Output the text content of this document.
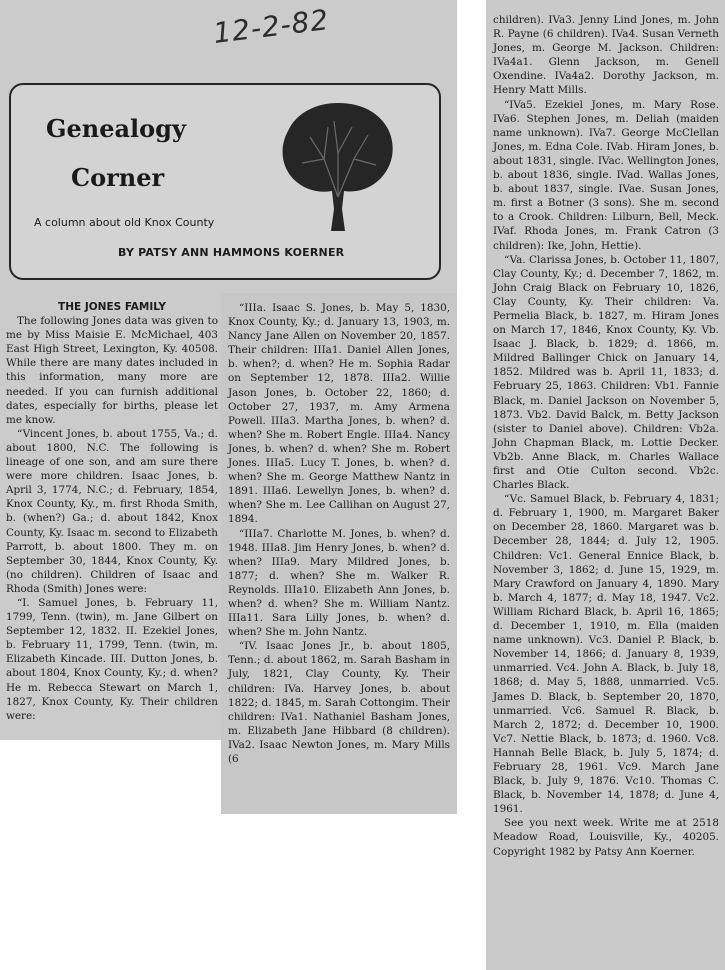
12-2-82
Genealogy
Corner
A column about old Knox County
BY PATSY ANN HAMMONS KOERNER

THE JONES FAMILY

The following Jones data was given to me by Miss Maisie E. McMichael, 403 East High Street, Lexington, Ky. 40508. While there are many dates included in this information, many more are needed. If you can furnish additional dates, especially for births, please let me know.

“Vincent Jones, b. about 1755, Va.; d. about 1800, N.C. The following is lineage of one son, and am sure there were more children. Isaac Jones, b. April 3, 1774, N.C.; d. February, 1854, Knox County, Ky., m. first Rhoda Smith, b. (when?) Ga.; d. about 1842, Knox County, Ky. Isaac m. second to Elizabeth Parrott, b. about 1800. They m. on September 30, 1844, Knox County, Ky. (no children). Children of Isaac and Rhoda (Smith) Jones were:

“I. Samuel Jones, b. February 11, 1799, Tenn. (twin), m. Jane Gilbert on September 12, 1832. II. Ezekiel Jones, b. February 11, 1799, Tenn. (twin, m. Elizabeth Kincade. III. Dutton Jones, b. about 1804, Knox County, Ky.; d. when? He m. Rebecca Stewart on March 1, 1827, Knox County, Ky. Their children were:

“IIIa. Isaac S. Jones, b. May 5, 1830, Knox County, Ky.; d. January 13, 1903, m. Nancy Jane Allen on November 20, 1857. Their children: IIIa1. Daniel Allen Jones, b. when?; d. when? He m. Sophia Radar on September 12, 1878. IIIa2. Willie Jason Jones, b. October 22, 1860; d. October 27, 1937, m. Amy Armena Powell. IIIa3. Martha Jones, b. when? d. when? She m. Robert Engle. IIIa4. Nancy Jones, b. when? d. when? She m. Robert Jones. IIIa5. Lucy T. Jones, b. when? d. when? She m. George Matthew Nantz in 1891. IIIa6. Lewellyn Jones, b. when? d. when? She m. Lee Callihan on August 27, 1894.

“IIIa7. Charlotte M. Jones, b. when? d. 1948. IIIa8. Jim Henry Jones, b. when? d. when? IIIa9. Mary Mildred Jones, b. 1877; d. when? She m. Walker R. Reynolds. IIIa10. Elizabeth Ann Jones, b. when? d. when? She m. William Nantz. IIIa11. Sara Lilly Jones, b. when? d. when? She m. John Nantz.

“IV. Isaac Jones Jr., b. about 1805, Tenn.; d. about 1862, m. Sarah Basham in July, 1821, Clay County, Ky. Their children: IVa. Harvey Jones, b. about 1822; d. 1845, m. Sarah Cottongim. Their children: IVa1. Nathaniel Basham Jones, m. Elizabeth Jane Hibbard (8 children). IVa2. Isaac Newton Jones, m. Mary Mills (6

children). IVa3. Jenny Lind Jones, m. John R. Payne (6 children). IVa4. Susan Verneth Jones, m. George M. Jackson. Children: IVa4a1. Glenn Jackson, m. Genell Oxendine. IVa4a2. Dorothy Jackson, m. Henry Matt Mills.

“IVa5. Ezekiel Jones, m. Mary Rose. IVa6. Stephen Jones, m. Deliah (maiden name unknown). IVa7. George McClellan Jones, m. Edna Cole. IVab. Hiram Jones, b. about 1831, single. IVac. Wellington Jones, b. about 1836, single. IVad. Wallas Jones, b. about 1837, single. IVae. Susan Jones, m. first a Botner (3 sons). She m. second to a Crook. Children: Lilburn, Bell, Meck. IVaf. Rhoda Jones, m. Frank Catron (3 children): Ike, John, Hettie).

“Va. Clarissa Jones, b. October 11, 1807, Clay County, Ky.; d. December 7, 1862, m. John Craig Black on February 10, 1826, Clay County, Ky. Their children: Va. Permelia Black, b. 1827, m. Hiram Jones on March 17, 1846, Knox County, Ky. Vb. Isaac J. Black, b. 1829; d. 1866, m. Mildred Ballinger Chick on January 14, 1852. Mildred was b. April 11, 1833; d. February 25, 1863. Children: Vb1. Fannie Black, m. Daniel Jackson on November 5, 1873. Vb2. David Balck, m. Betty Jackson (sister to Daniel above). Children: Vb2a. John Chapman Black, m. Lottie Decker. Vb2b. Anne Black, m. Charles Wallace first and Otie Culton second. Vb2c. Charles Black.

“Vc. Samuel Black, b. February 4, 1831; d. February 1, 1900, m. Margaret Baker on December 28, 1860. Margaret was b. December 28, 1844; d. July 12, 1905. Children: Vc1. General Ennice Black, b. November 3, 1862; d. June 15, 1929, m. Mary Crawford on January 4, 1890. Mary b. March 4, 1877; d. May 18, 1947. Vc2. William Richard Black, b. April 16, 1865; d. December 1, 1910, m. Ella (maiden name unknown). Vc3. Daniel P. Black, b. November 14, 1866; d. January 8, 1939, unmarried. Vc4. John A. Black, b. July 18, 1868; d. May 5, 1888, unmarried. Vc5. James D. Black, b. September 20, 1870, unmarried. Vc6. Samuel R. Black, b. March 2, 1872; d. December 10, 1900. Vc7. Nettie Black, b. 1873; d. 1960. Vc8. Hannah Belle Black, b. July 5, 1874; d. February 28, 1961. Vc9. March Jane Black, b. July 9, 1876. Vc10. Thomas C. Black, b. November 14, 1878; d. June 4, 1961.

See you next week. Write me at 2518 Meadow Road, Louisville, Ky., 40205. Copyright 1982 by Patsy Ann Koerner.
